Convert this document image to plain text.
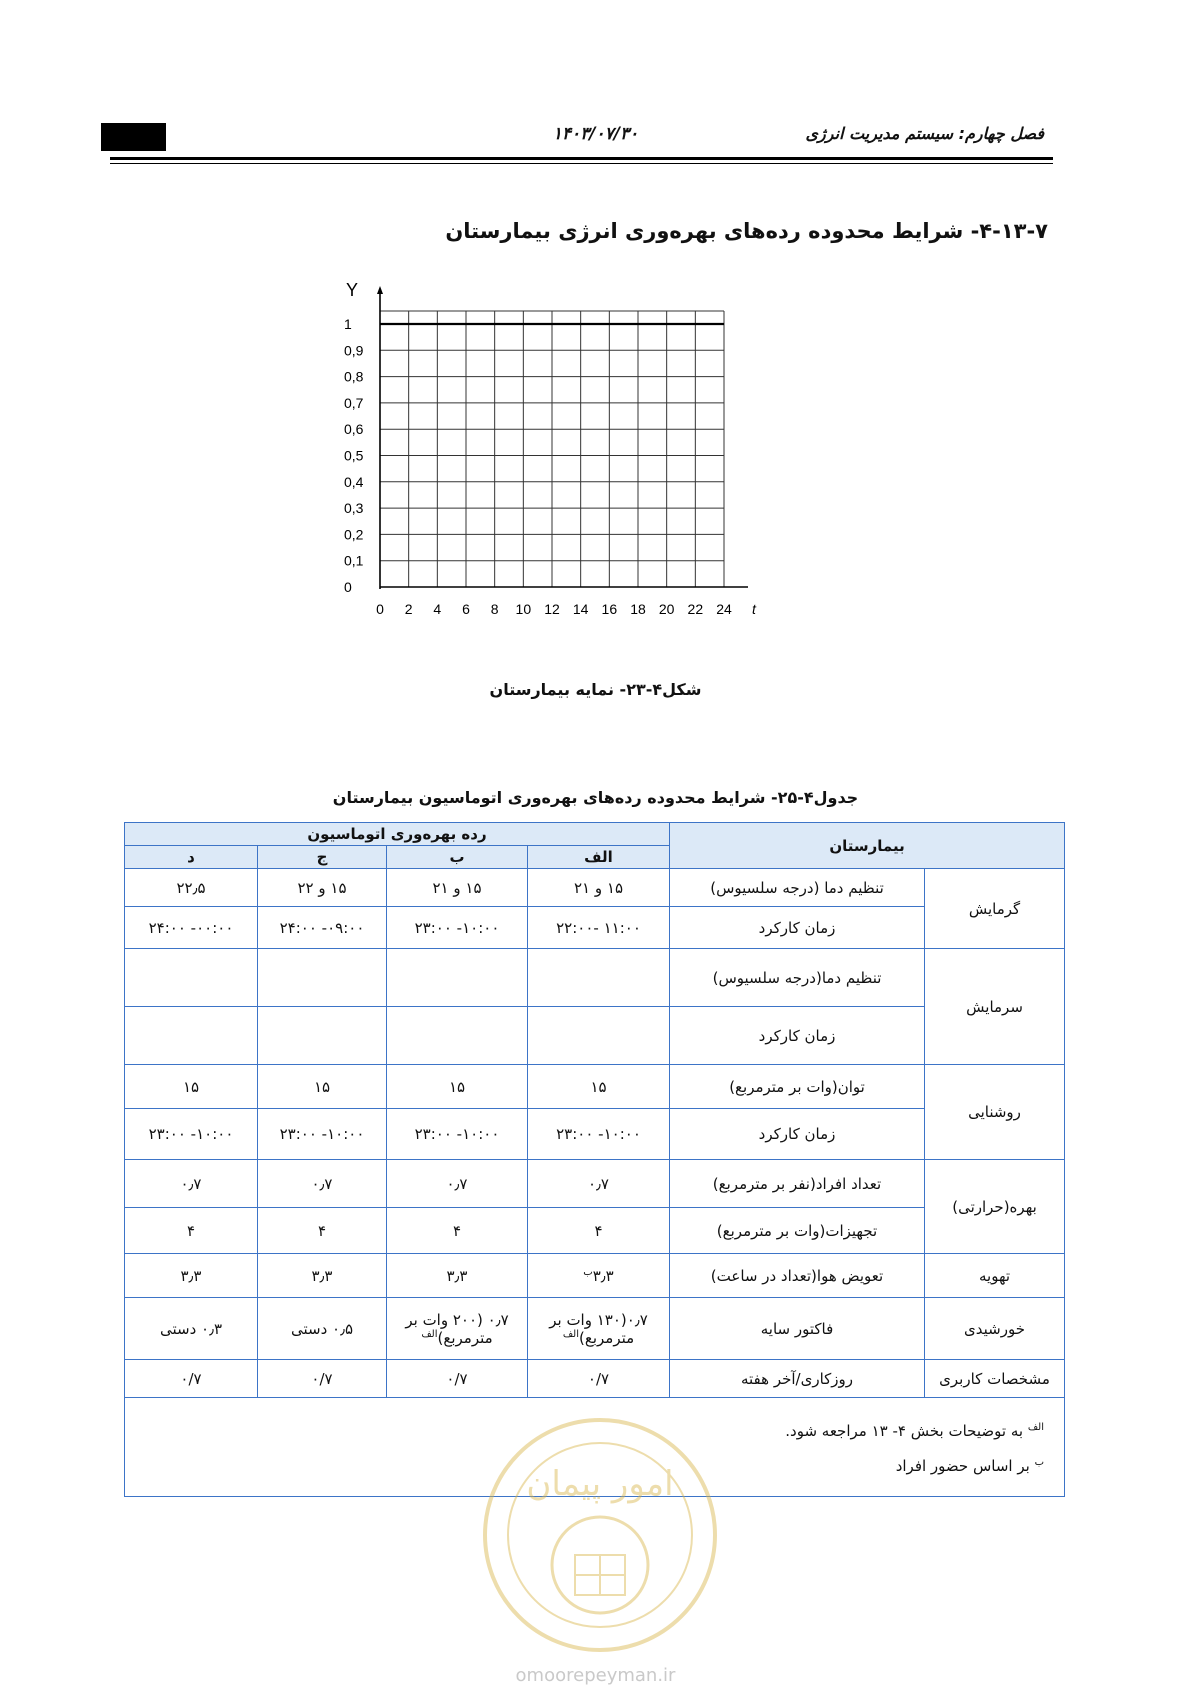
۱۴۰۳/۰۷/۳۰	فصل چهارم: سیستم مدیریت انرژی
۴-۱۳-۷- شرایط محدوده رده‌های بهره‌وری انرژی بیمارستان
0 2 4 6 8 10 12 14 16 18 20 22 24
0
0,1
0,2
0,3
0,4
0,5
0,6
0,7
0,8
0,9
1
Y
t
شکل۴-۲۳- نمایه بیمارستان
جدول۴-۲۵- شرایط محدوده رده‌های بهره‌وری اتوماسیون بیمارستان
بیمارستان		رده بهره‌وری اتوماسیون			
		الف	ب	ج	د
گرمایش	تنظیم دما (درجه سلسیوس)	۱۵ و ۲۱	۱۵ و ۲۱	۱۵ و ۲۲	۲۲٫۵
	زمان کارکرد	۱۱:۰۰ -۲۲:۰۰	۱۰:۰۰- ۲۳:۰۰	۰۹:۰۰- ۲۴:۰۰	۰۰:۰۰- ۲۴:۰۰
سرمایش	تنظیم دما(درجه سلسیوس)				
	زمان کارکرد				
روشنایی	توان(وات بر مترمربع)	۱۵	۱۵	۱۵	۱۵
	زمان کارکرد	۱۰:۰۰- ۲۳:۰۰	۱۰:۰۰- ۲۳:۰۰	۱۰:۰۰- ۲۳:۰۰	۱۰:۰۰- ۲۳:۰۰
بهره(حرارتی)	تعداد افراد(نفر بر مترمربع)	۰٫۷	۰٫۷	۰٫۷	۰٫۷
	تجهیزات(وات بر مترمربع)	۴	۴	۴	۴
تهویه	تعویض هوا(تعداد در ساعت)	$۳٫۳^ب$	۳٫۳	۳٫۳	۳٫۳
خورشیدی	فاکتور سایه	۰٫۷(۱۳۰ وات بر مترمربع)$^{الف}$	۰٫۷ (۲۰۰ وات بر مترمربع)$^{الف}$	۰٫۵ دستی	۰٫۳ دستی
مشخصات کاربری	روزکاری/آخر هفته	۰/۷	۰/۷	۰/۷	۰/۷

$^{الف}$ به توضیحات بخش ۴- ۱۳ مراجعه شود.
$^ب$ بر اساس حضور افراد					
امور پیمان
omoorepeyman.ir
